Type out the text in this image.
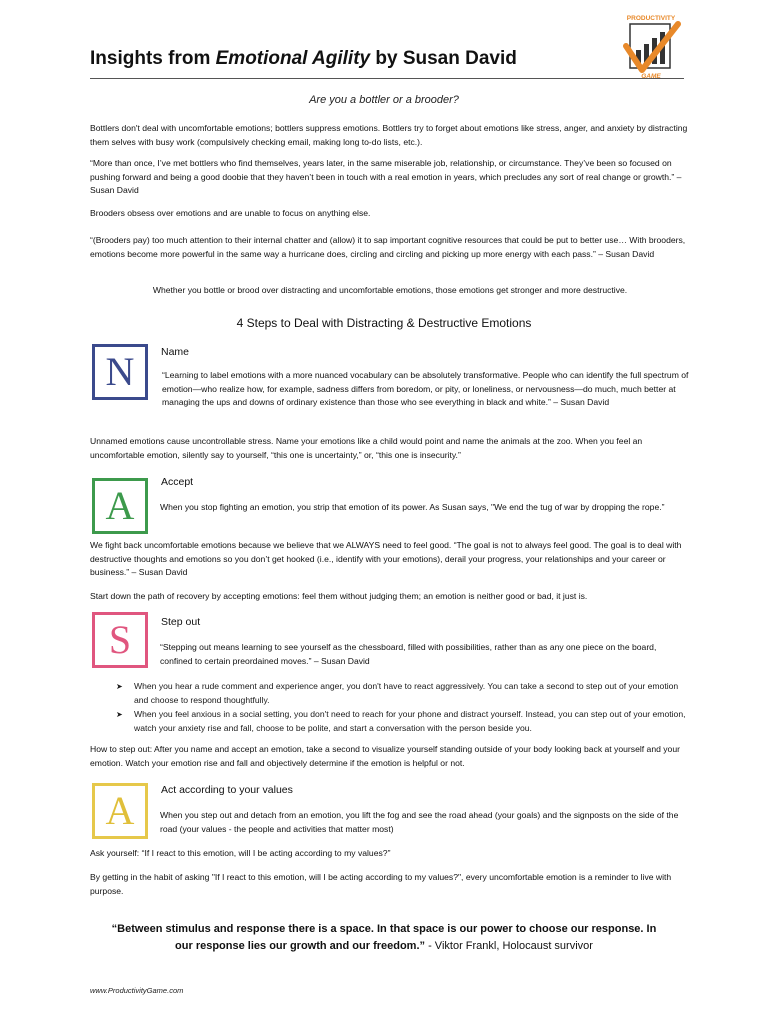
Insights from Emotional Agility by Susan David
PRODUCTIVITY
GAME
Are you a bottler or a brooder?
Bottlers don't deal with uncomfortable emotions; bottlers suppress emotions. Bottlers try to forget about emotions like stress, anger, and anxiety by distracting them selves with busy work (compulsively checking email, making long to-do lists, etc.).
“More than once, I’ve met bottlers who find themselves, years later, in the same miserable job, relationship, or circumstance. They’ve been so focused on pushing forward and being a good doobie that they haven’t been in touch with a real emotion in years, which precludes any sort of real change or growth.” – Susan David
Brooders obsess over emotions and are unable to focus on anything else.
“(Brooders pay) too much attention to their internal chatter and (allow) it to sap important cognitive resources that could be put to better use… With brooders, emotions become more powerful in the same way a hurricane does, circling and circling and picking up more energy with each pass.” – Susan David
Whether you bottle or brood over distracting and uncomfortable emotions, those emotions get stronger and more destructive.
4 Steps to Deal with Distracting & Destructive Emotions
N	Name
“Learning to label emotions with a more nuanced vocabulary can be absolutely transformative. People who can identify the full spectrum of emotion—who realize how, for example, sadness differs from boredom, or pity, or loneliness, or nervousness—do much, much better at managing the ups and downs of ordinary existence than those who see everything in black and white.” – Susan David
Unnamed emotions cause uncontrollable stress. Name your emotions like a child would point and name the animals at the zoo. When you feel an uncomfortable emotion, silently say to yourself, “this one is uncertainty,” or, “this one is insecurity.”
A
Accept
When you stop fighting an emotion, you strip that emotion of its power. As Susan says, "We end the tug of war by dropping the rope.”
We fight back uncomfortable emotions because we believe that we ALWAYS need to feel good. “The goal is not to always feel good. The goal is to deal with destructive thoughts and emotions so you don’t get hooked (i.e., identify with your emotions), derail your progress, your relationships and your career or business.” – Susan David
Start down the path of recovery by accepting emotions: feel them without judging them; an emotion is neither good or bad, it just is.
S	Step out
“Stepping out means learning to see yourself as the chessboard, filled with possibilities, rather than as any one piece on the board, confined to certain preordained moves.” – Susan David
➤ When you hear a rude comment and experience anger, you don't have to react aggressively. You can take a second to step out of your emotion and choose to respond thoughtfully.
➤ When you feel anxious in a social setting, you don't need to reach for your phone and distract yourself. Instead, you can step out of your emotion, watch your anxiety rise and fall, choose to be polite, and start a conversation with the person beside you.
How to step out: After you name and accept an emotion, take a second to visualize yourself standing outside of your body looking back at yourself and your emotion. Watch your emotion rise and fall and objectively determine if the emotion is helpful or not.
A	Act according to your values
When you step out and detach from an emotion, you lift the fog and see the road ahead (your goals) and the signposts on the side of the road (your values - the people and activities that matter most)
Ask yourself: “If I react to this emotion, will I be acting according to my values?”
By getting in the habit of asking "If I react to this emotion, will I be acting according to my values?", every uncomfortable emotion is a reminder to live with purpose.
“Between stimulus and response there is a space. In that space is our power to choose our response. In our response lies our growth and our freedom.” - Viktor Frankl, Holocaust survivor
www.ProductivityGame.com
